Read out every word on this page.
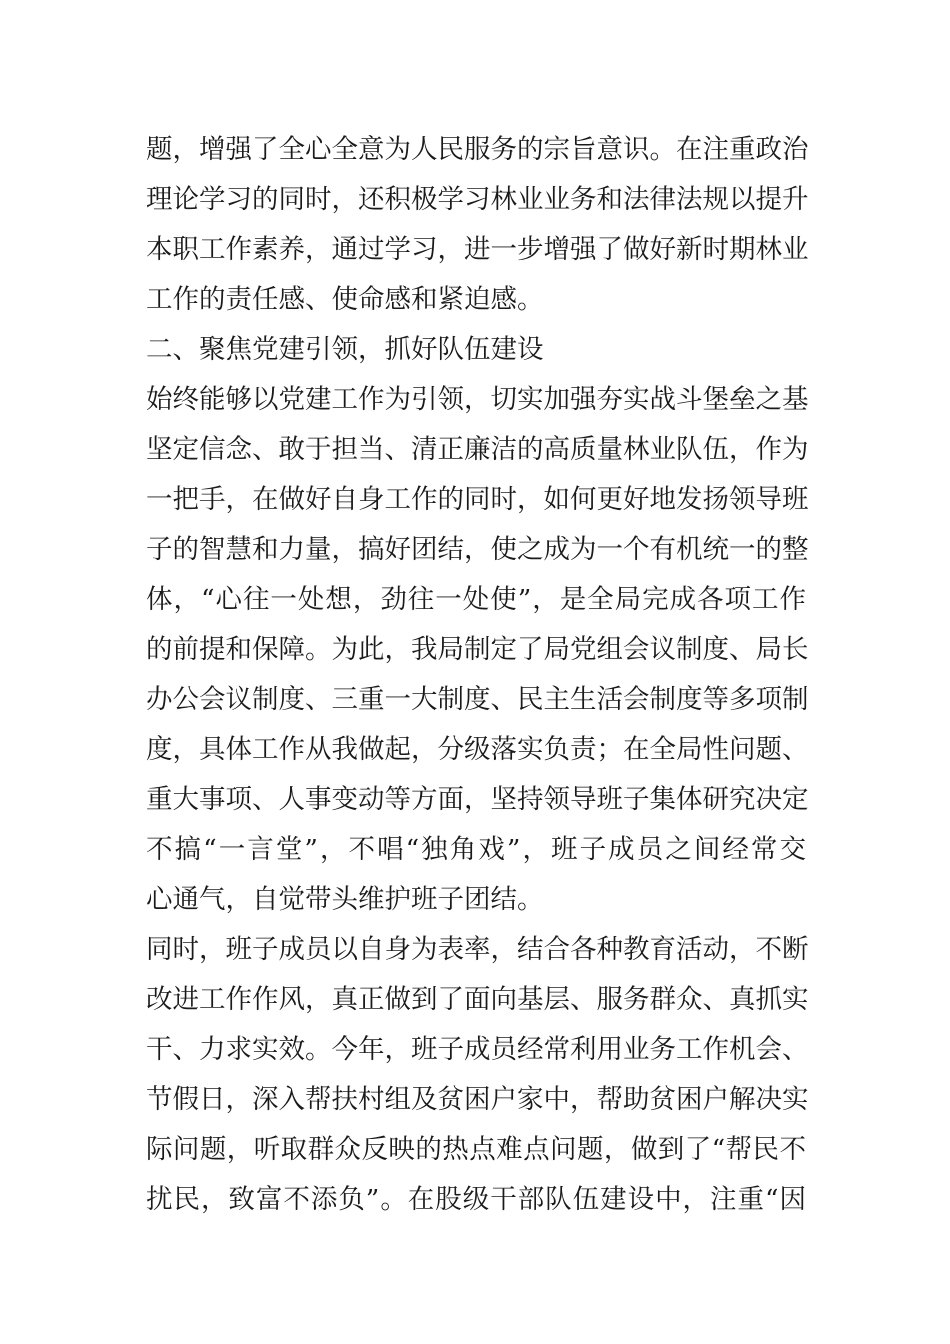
题，增强了全心全意为人民服务的宗旨意识。在注重政治
理论学习的同时，还积极学习林业业务和法律法规以提升
本职工作素养，通过学习，进一步增强了做好新时期林业
工作的责任感、使命感和紧迫感。
二、聚焦党建引领，抓好队伍建设
始终能够以党建工作为引领，切实加强夯实战斗堡垒之基
坚定信念、敢于担当、清正廉洁的高质量林业队伍，作为
一把手，在做好自身工作的同时，如何更好地发扬领导班
子的智慧和力量，搞好团结，使之成为一个有机统一的整
体，“心往一处想，劲往一处使”，是全局完成各项工作
的前提和保障。为此，我局制定了局党组会议制度、局长
办公会议制度、三重一大制度、民主生活会制度等多项制
度，具体工作从我做起，分级落实负责；在全局性问题、
重大事项、人事变动等方面，坚持领导班子集体研究决定
不搞“一言堂”，不唱“独角戏”，班子成员之间经常交
心通气，自觉带头维护班子团结。
同时，班子成员以自身为表率，结合各种教育活动，不断
改进工作作风，真正做到了面向基层、服务群众、真抓实
干、力求实效。今年，班子成员经常利用业务工作机会、
节假日，深入帮扶村组及贫困户家中，帮助贫困户解决实
际问题，听取群众反映的热点难点问题，做到了“帮民不
扰民，致富不添负”。在股级干部队伍建设中，注重“因
